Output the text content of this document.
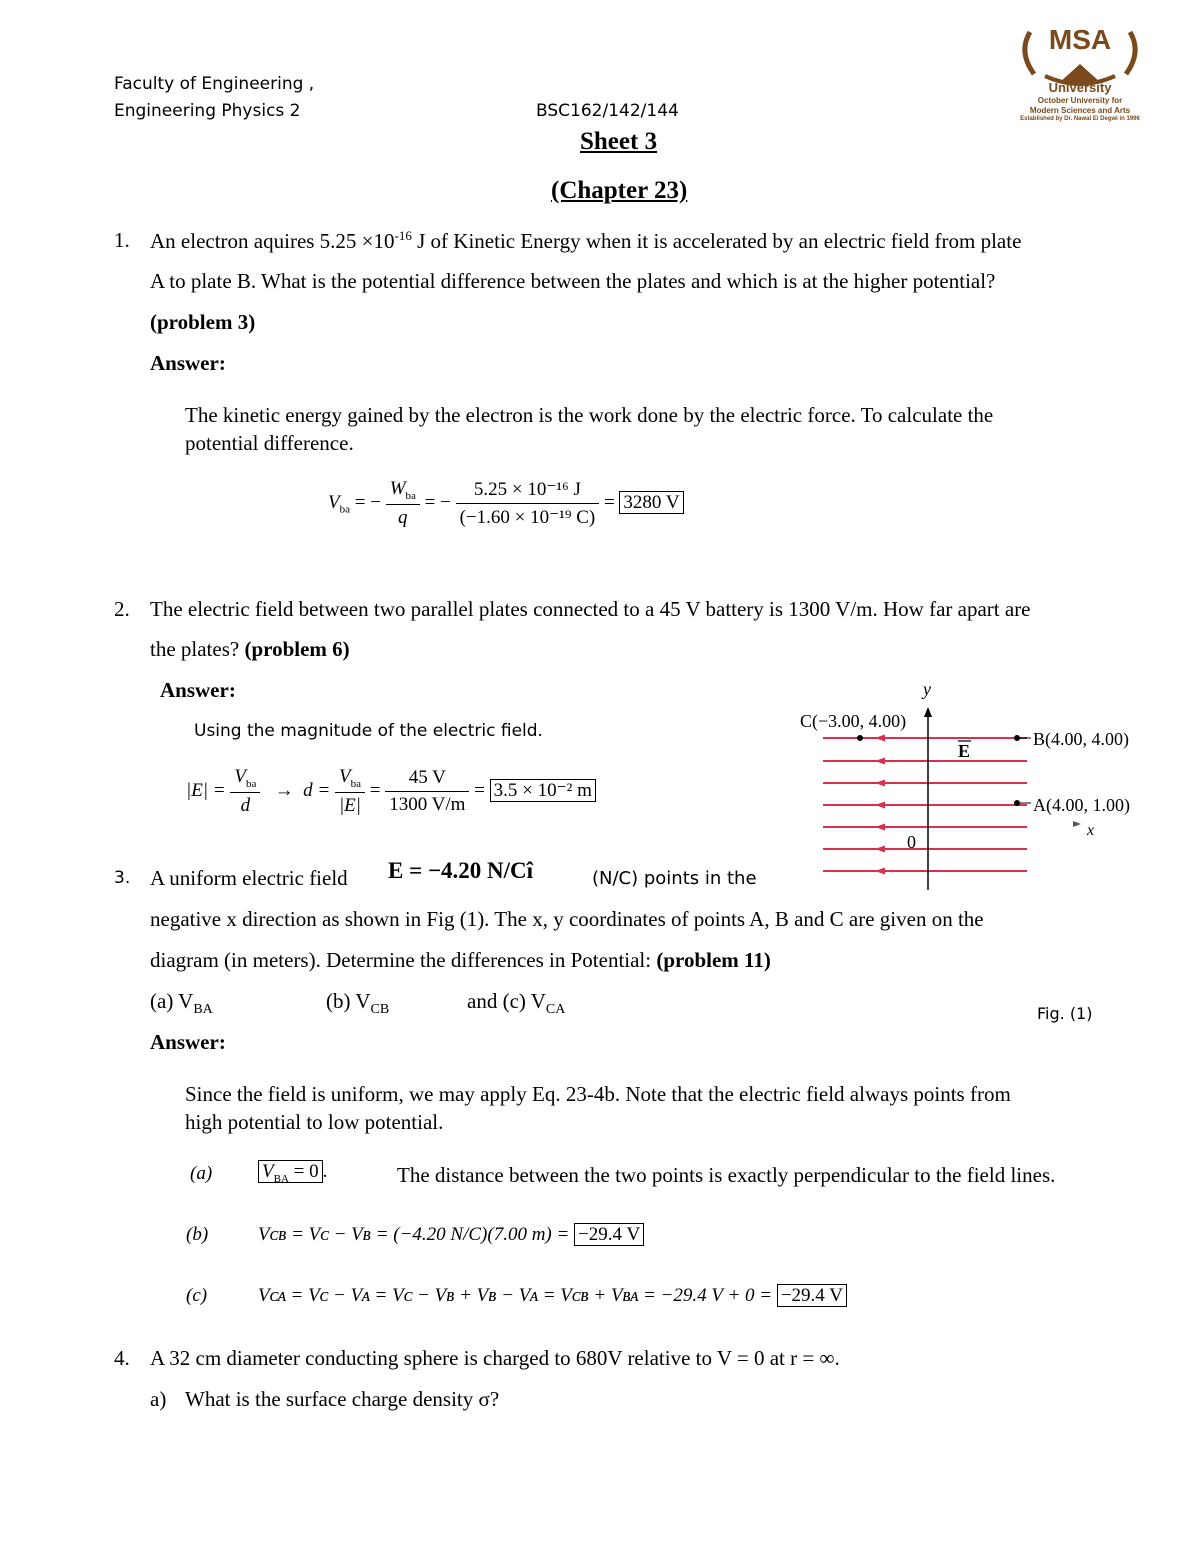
Faculty of Engineering ,
Engineering Physics 2	BSC162/142/144
Sheet 3
(Chapter 23)
MSA
University
October University for
Modern Sciences and Arts
Established by Dr. Nawal El Degwi in 1996
1. An electron aquires $5.25 \times 10^{-16}$ J of Kinetic Energy when it is accelerated by an electric field from plate
A to plate B. What is the potential difference between the plates and which is at the higher potential?
(problem 3)
Answer:
The kinetic energy gained by the electron is the work done by the electric force. To calculate the
potential difference.
$V_{ba}$ = − $\frac{W_{ba}}{q}$ = − $\frac{\text{5.25 × 10⁻¹⁶ J}}{\text{(−1.60 × 10⁻¹⁹ C)}} = 3280$ V
2. The electric field between two parallel plates connected to a 45 V battery is 1300 V/m. How far apart are
the plates? (problem 6)
Answer:
Using the magnitude of the electric field.
$|E| = \frac{V_{ba}}{d} \to d = \frac{V_{ba}}{|E|} = \frac{45 V}{1300 V/m} = 3.5 \times 10^{-2}$ m
y
x
0
C(−3.00, 4.00)
B(4.00, 4.00)
A(4.00, 1.00)
E
Fig. (1)
3. A uniform electric field E = −4.20 N/Cî	(N/C) points in the
negative x direction as shown in Fig (1). The x, y coordinates of points A, B and C are given on the
diagram (in meters). Determine the differences in Potential: (problem 11)
(a) $V_{BA}$	(b) $V_{CB}$	and (c) $V_{CA}$
Answer:
Since the field is uniform, we may apply Eq. 23-4b. Note that the electric field always points from
high potential to low potential.
(a)	$V_{BA} = 0$ .	The distance between the two points is exactly perpendicular to the field lines.
(b)	Vᴄʙ = Vᴄ − Vʙ = (−4.20 N/C)(7.00 m) = −29.4 V
(c)	Vᴄᴀ = Vᴄ − Vᴀ = Vᴄ − Vʙ + Vʙ − Vᴀ = Vᴄʙ + Vʙᴀ = −29.4 V + 0 = −29.4 V
4. A 32 cm diameter conducting sphere is charged to 680V relative to V = 0 at r = ∞.
a) What is the surface charge density σ?
